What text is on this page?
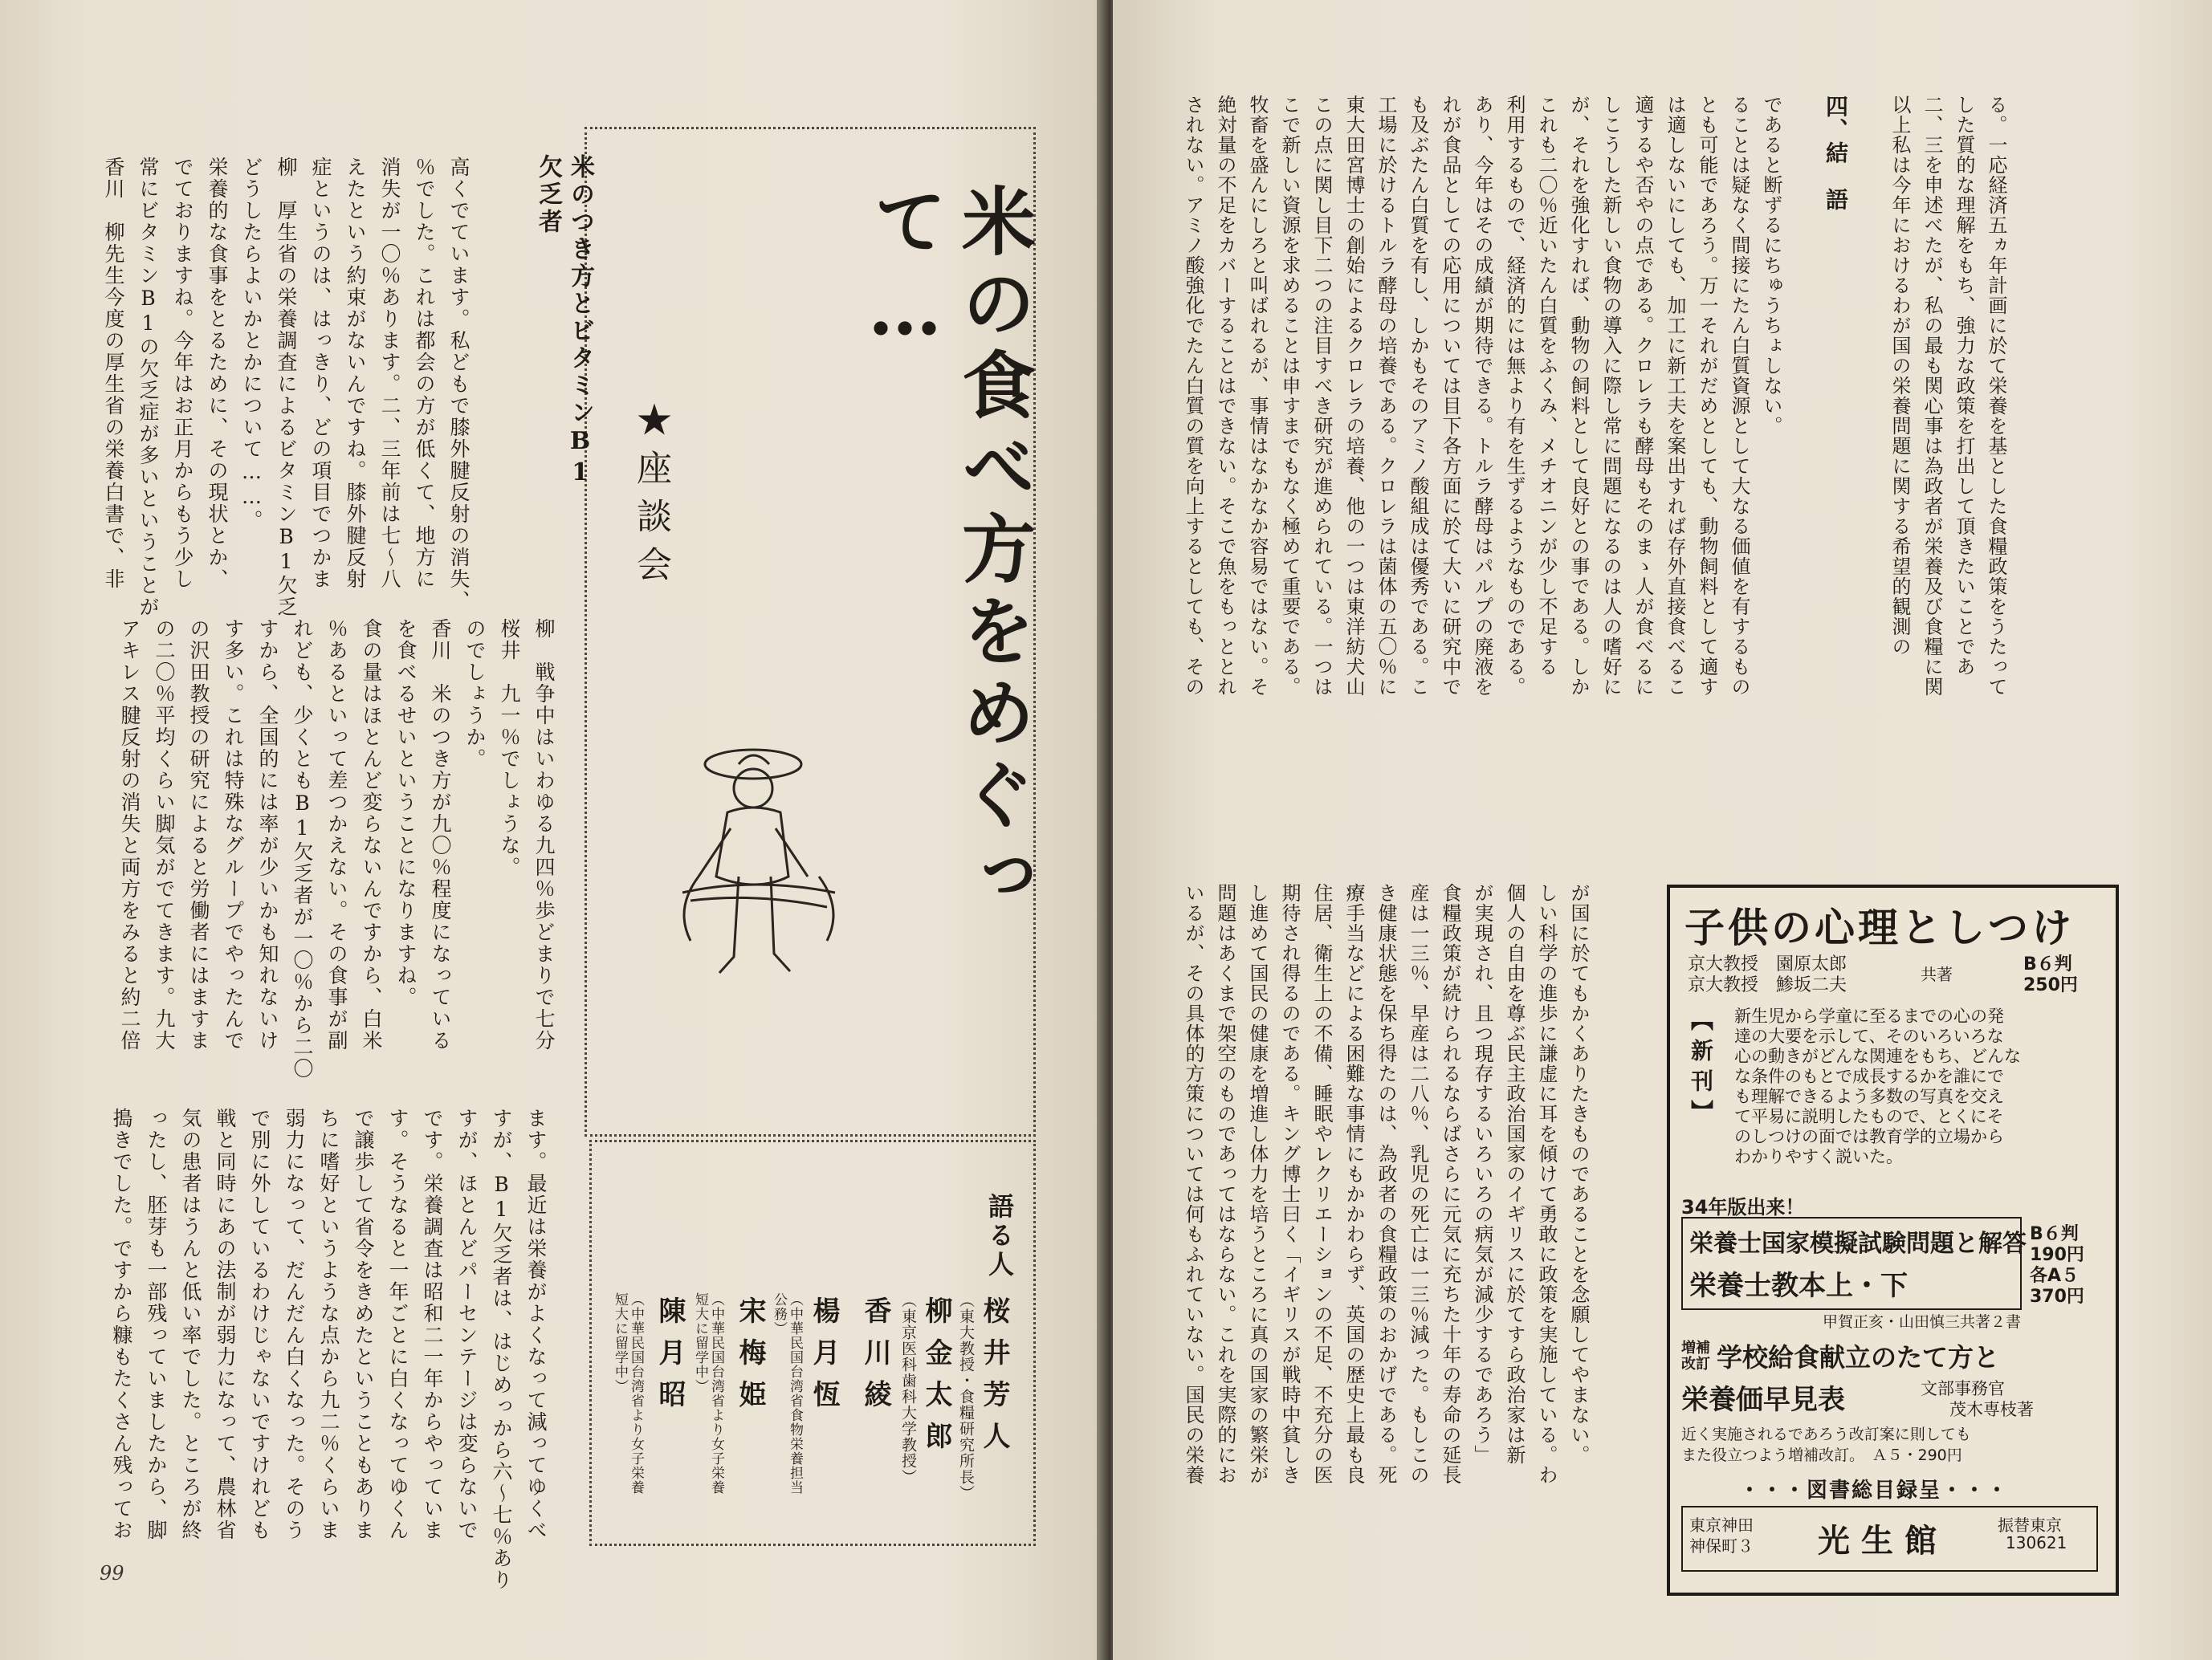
米の食べ方をめぐって…
★座談会
米のつき方とビタミンB1欠乏者
高くでています。私どもで膝外腱反射の消失、
％でした。これは都会の方が低くて、地方に
消失が一〇％あります。二、三年前は七〜八
えたという約束がないんですね。膝外腱反射
症というのは、はっきり、どの項目でつかま
柳　厚生省の栄養調査によるビタミンB1欠乏
どうしたらよいかとかについて……。
栄養的な食事をとるために、その現状とか、
でておりますね。今年はお正月からもう少し
常にビタミンB1の欠乏症が多いということが
香川　柳先生今度の厚生省の栄養白書で、非
柳　戦争中はいわゆる九四％歩どまりで七分
桜井　九一％でしょうな。
のでしょうか。
香川　米のつき方が九〇％程度になっている
を食べるせいということになりますね。
食の量はほとんど変らないんですから、白米
％あるといって差つかえない。その食事が副
れども、少くともB1欠乏者が一〇％から二〇
すから、全国的には率が少いかも知れないけ
す多い。これは特殊なグループでやったんで
の沢田教授の研究によると労働者にはますま
の二〇％平均くらい脚気がでてきます。九大
アキレス腱反射の消失と両方をみると約二倍
ます。最近は栄養がよくなって減ってゆくべ
すが、B1欠乏者は、はじめっから六〜七％あり
すが、ほとんどパーセンテージは変らないで
です。栄養調査は昭和二一年からやっていま
す。そうなると一年ごとに白くなってゆくん
で譲歩して省令をきめたということもありま
ちに嗜好というような点から九二％くらいま
弱力になって、だんだん白くなった。そのう
で別に外しているわけじゃないですけれども
戦と同時にあの法制が弱力になって、農林省
気の患者はうんと低い率でした。ところが終
ったし、胚芽も一部残っていましたから、脚
搗きでした。ですから糠もたくさん残ってお	語る人
桜井芳人
（東大教授・食糧研究所長）
柳金太郎
（東京医科歯科大学教授）
香川綾
楊月恆
（中華民国台湾省食物栄養担当公務）
宋梅姫
（中華民国台湾省より女子栄養短大に留学中）
陳月昭
（中華民国台湾省より女子栄養短大に留学中）
99
る。一応経済五ヵ年計画に於て栄養を基とした食糧政策をうたって
した質的な理解をもち、強力な政策を打出して頂きたいことであ
二、三を申述べたが、私の最も関心事は為政者が栄養及び食糧に関
以上私は今年におけるわが国の栄養問題に関する希望的観測の

四、結　語

であると断ずるにちゅうちょしない。
ることは疑なく間接にたん白質資源として大なる価値を有するもの
とも可能であろう。万一それがだめとしても、動物飼料として適す
は適しないにしても、加工に新工夫を案出すれば存外直接食べるこ
適するや否やの点である。クロレラも酵母もそのまゝ人が食べるに
しこうした新しい食物の導入に際し常に問題になるのは人の嗜好に
が、それを強化すれば、動物の飼料として良好との事である。しか
これも二〇％近いたん白質をふくみ、メチオニンが少し不足する
利用するもので、経済的には無より有を生ずるようなものである。
あり、今年はその成績が期待できる。トルラ酵母はパルプの廃液を
れが食品としての応用については目下各方面に於て大いに研究中で
も及ぶたん白質を有し、しかもそのアミノ酸組成は優秀である。こ
工場に於けるトルラ酵母の培養である。クロレラは菌体の五〇％に
東大田宮博士の創始によるクロレラの培養、他の一つは東洋紡犬山
この点に関し目下二つの注目すべき研究が進められている。一つは
こで新しい資源を求めることは申すまでもなく極めて重要である。
牧畜を盛んにしろと叫ばれるが、事情はなかなか容易ではない。そ
絶対量の不足をカバーすることはできない。そこで魚をもっととれ
されない。アミノ酸強化でたん白質の質を向上するとしても、その
が国に於てもかくありたきものであることを念願してやまない。
しい科学の進歩に謙虚に耳を傾けて勇敢に政策を実施している。わ
個人の自由を尊ぶ民主政治国家のイギリスに於てすら政治家は新
が実現され、且つ現存するいろいろの病気が減少するであろう」
食糧政策が続けられるならばさらに元気に充ちた十年の寿命の延長
産は一三％、早産は二八％、乳児の死亡は一三％減った。もしこの
き健康状態を保ち得たのは、為政者の食糧政策のおかげである。死
療手当などによる困難な事情にもかかわらず、英国の歴史上最も良
住居、衛生上の不備、睡眠やレクリエーションの不足、不充分の医
期待され得るのである。キング博士曰く「イギリスが戦時中貧しき
し進めて国民の健康を増進し体力を培うところに真の国家の繁栄が
問題はあくまで架空のものであってはならない。これを実際的にお
いるが、その具体的方策については何もふれていない。国民の栄養	子供の心理としつけ
京大教授　園原太郎
京大教授　鯵坂二夫
共著	B６判
250円
【新刊】 新生児から学童に至るまでの心の発
達の大要を示して、そのいろいろな
心の動きがどんな関連をもち、どんな
な条件のもとで成長するかを誰にで
も理解できるよう多数の写真を交え
て平易に説明したもので、とくにそ
のしつけの面では教育学的立場から
わかりやすく説いた。
34年版出来！
栄養士国家模擬試験問題と解答 B６判
190円
栄養士教本上・下	各A５
370円
甲賀正亥・山田慎三共著２書
増補改訂 学校給食献立のたて方と
栄養価早見表	文部事務官
茂木専枝著
近く実施されるであろう改訂案に則しても
また役立つよう増補改訂。　Ａ５・290円
・・・図書総目録呈・・・
東京神田
神保町３ 光生館	振替東京
130621
